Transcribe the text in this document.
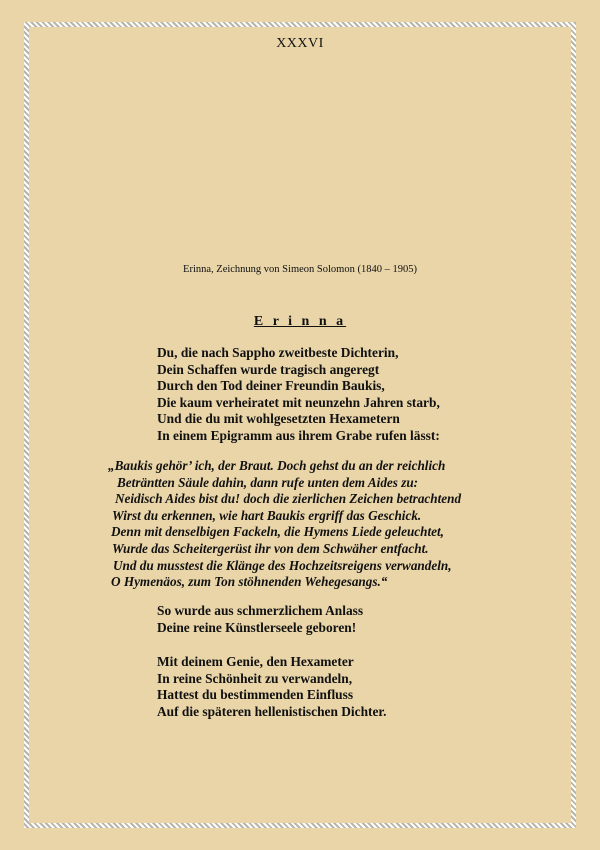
XXXVI
Erinna, Zeichnung von Simeon Solomon (1840 – 1905)
E r i n n a
Du, die nach Sappho zweitbeste Dichterin,
Dein Schaffen wurde tragisch angeregt
Durch den Tod deiner Freundin Baukis,
Die kaum verheiratet mit neunzehn Jahren starb,
Und die du mit wohlgesetzten Hexametern
In einem Epigramm aus ihrem Grabe rufen lässt:
„Baukis gehör’ ich, der Braut. Doch gehst du an der reichlich
Beträntten Säule dahin, dann rufe unten dem Aides zu:
Neidisch Aides bist du! doch die zierlichen Zeichen betrachtend
Wirst du erkennen, wie hart Baukis ergriff das Geschick.
Denn mit denselbigen Fackeln, die Hymens Liede geleuchtet,
Wurde das Scheitergerüst ihr von dem Schwäher entfacht.
Und du musstest die Klänge des Hochzeitsreigens verwandeln,
O Hymenäos, zum Ton stöhnenden Wehegesangs.“
So wurde aus schmerzlichem Anlass
Deine reine Künstlerseele geboren!
Mit deinem Genie, den Hexameter
In reine Schönheit zu verwandeln,
Hattest du bestimmenden Einfluss
Auf die späteren hellenistischen Dichter.
